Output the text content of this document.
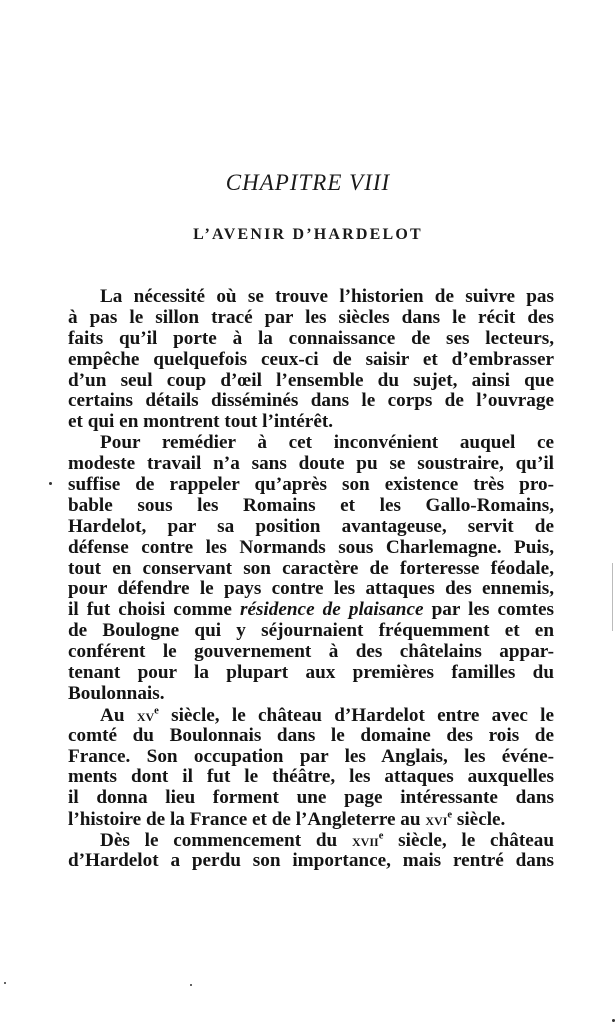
CHAPITRE VIII
L’AVENIR D’HARDELOT
La nécessité où se trouve l’historien de suivre pas
à pas le sillon tracé par les siècles dans le récit des
faits qu’il porte à la connaissance de ses lecteurs,
empêche quelquefois ceux-ci de saisir et d’embrasser
d’un seul coup d’œil l’ensemble du sujet, ainsi que
certains détails disséminés dans le corps de l’ouvrage
et qui en montrent tout l’intérêt.
Pour remédier à cet inconvénient auquel ce
modeste travail n’a sans doute pu se soustraire, qu’il
suffise de rappeler qu’après son existence très pro-
bable sous les Romains et les Gallo-Romains,
Hardelot, par sa position avantageuse, servit de
défense contre les Normands sous Charlemagne. Puis,
tout en conservant son caractère de forteresse féodale,
pour défendre le pays contre les attaques des ennemis,
il fut choisi comme résidence de plaisance par les comtes
de Boulogne qui y séjournaient fréquemment et en
conférent le gouvernement à des châtelains appar-
tenant pour la plupart aux premières familles du
Boulonnais.
Au $xv^e$ siècle, le château d’Hardelot entre avec le
comté du Boulonnais dans le domaine des rois de
France. Son occupation par les Anglais, les événe-
ments dont il fut le théâtre, les attaques auxquelles
il donna lieu forment une page intéressante dans
l’histoire de la France et de l’Angleterre au xvi$^e$ siècle.
Dès le commencement du xvii$^e$ siècle, le château
d’Hardelot a perdu son importance, mais rentré dans
